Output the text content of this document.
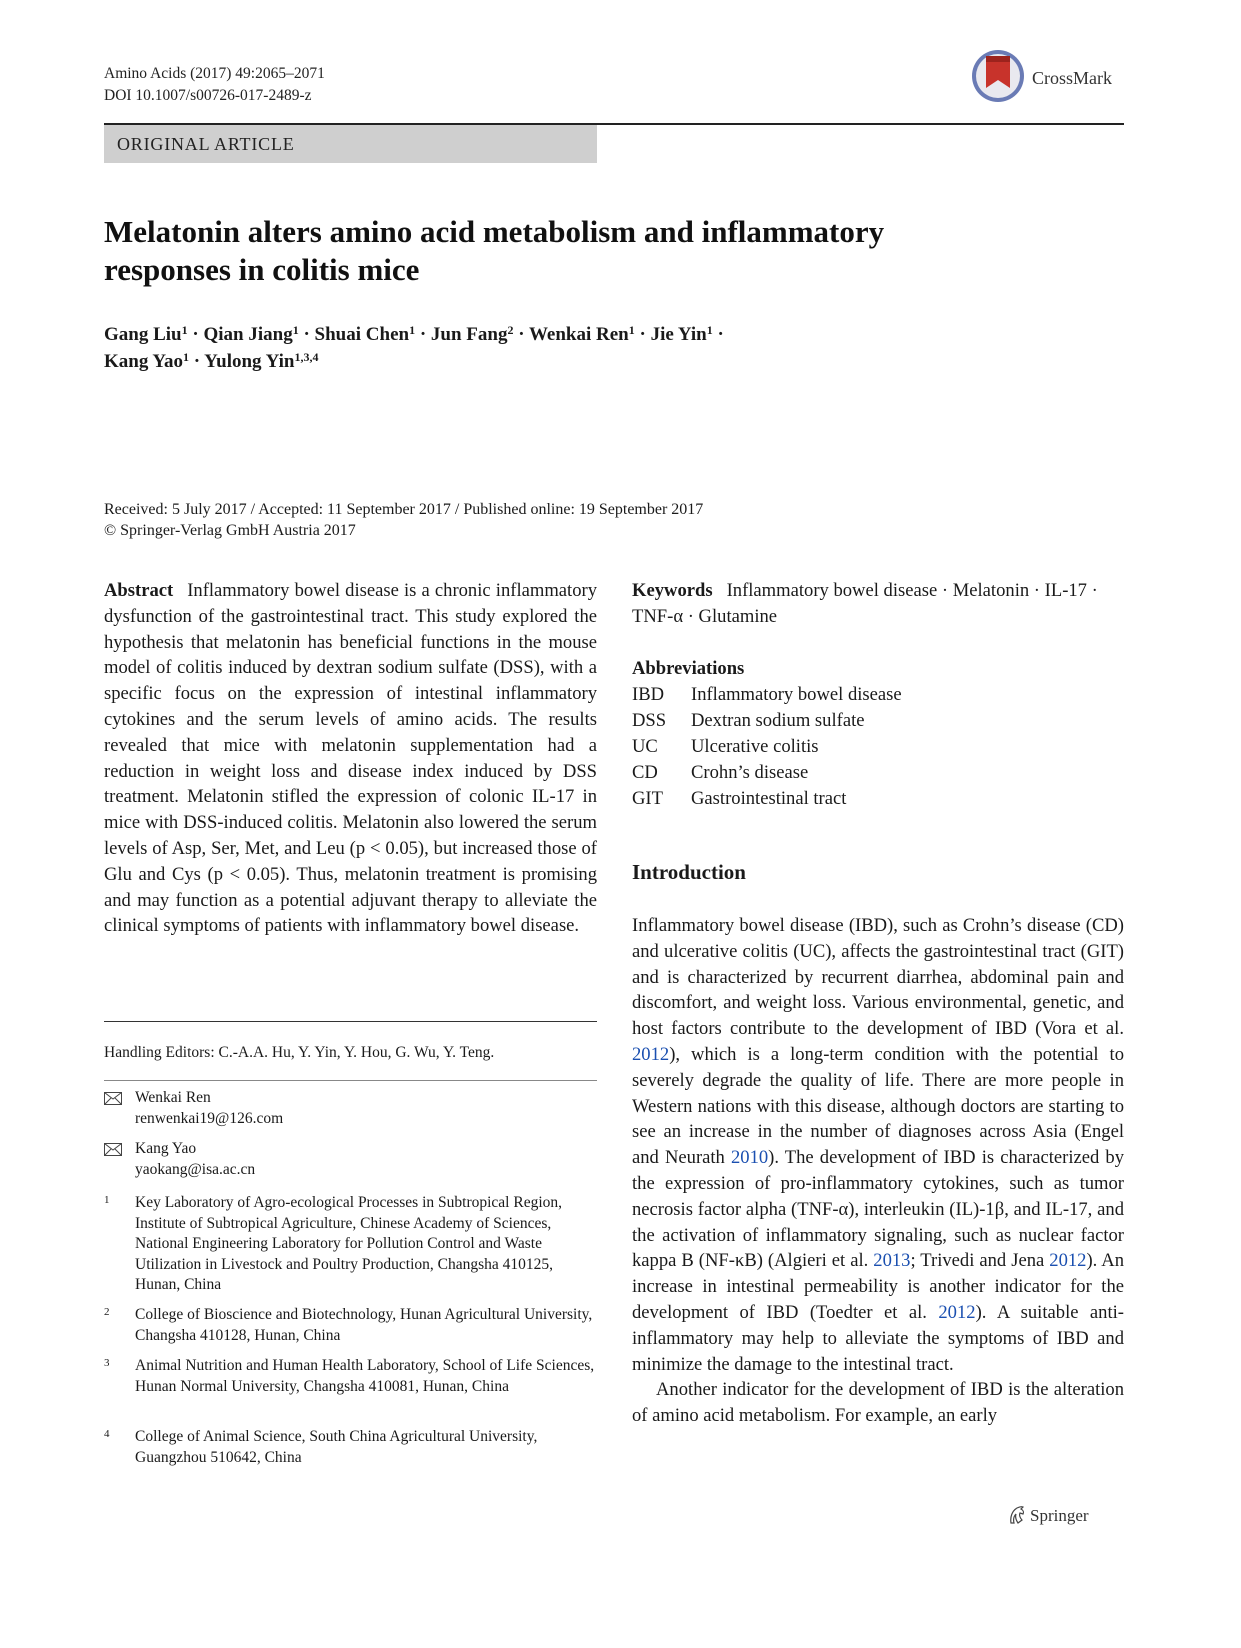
Amino Acids (2017) 49:2065–2071
DOI 10.1007/s00726-017-2489-z
CrossMark
ORIGINAL ARTICLE
Melatonin alters amino acid metabolism and inflammatory responses in colitis mice
Gang Liu$^1$ · Qian Jiang$^1$ · Shuai Chen$^1$ · Jun Fang$^2$ · Wenkai Ren$^1$ · Jie Yin$^1$ ·
Kang Yao$^1$ · Yulong Yin$^{1,3,4}$
Received: 5 July 2017 / Accepted: 11 September 2017 / Published online: 19 September 2017
© Springer-Verlag GmbH Austria 2017
Abstract Inflammatory bowel disease is a chronic inflammatory dysfunction of the gastrointestinal tract. This study explored the hypothesis that melatonin has beneficial functions in the mouse model of colitis induced by dextran sodium sulfate (DSS), with a specific focus on the expression of intestinal inflammatory cytokines and the serum levels of amino acids. The results revealed that mice with melatonin supplementation had a reduction in weight loss and disease index induced by DSS treatment. Melatonin stifled the expression of colonic IL-17 in mice with DSS-induced colitis. Melatonin also lowered the serum levels of Asp, Ser, Met, and Leu (p < 0.05), but increased those of Glu and Cys (p < 0.05). Thus, melatonin treatment is promising and may function as a potential adjuvant therapy to alleviate the clinical symptoms of patients with inflammatory bowel disease.
Handling Editors: C.-A.A. Hu, Y. Yin, Y. Hou, G. Wu, Y. Teng.
Wenkai Ren
renwenkai19@126.com
Kang Yao
yaokang@isa.ac.cn
1 Key Laboratory of Agro-ecological Processes in Subtropical Region, Institute of Subtropical Agriculture, Chinese Academy of Sciences, National Engineering Laboratory for Pollution Control and Waste Utilization in Livestock and Poultry Production, Changsha 410125, Hunan, China
2 College of Bioscience and Biotechnology, Hunan Agricultural University, Changsha 410128, Hunan, China
3 Animal Nutrition and Human Health Laboratory, School of Life Sciences, Hunan Normal University, Changsha 410081, Hunan, China
4 College of Animal Science, South China Agricultural University, Guangzhou 510642, China
Keywords Inflammatory bowel disease · Melatonin · IL-17 · TNF-α · Glutamine
Abbreviations
IBD Inflammatory bowel disease
DSS Dextran sodium sulfate
UC Ulcerative colitis
CD Crohn’s disease
GIT Gastrointestinal tract
Introduction

Inflammatory bowel disease (IBD), such as Crohn’s disease (CD) and ulcerative colitis (UC), affects the gastrointestinal tract (GIT) and is characterized by recurrent diarrhea, abdominal pain and discomfort, and weight loss. Various environmental, genetic, and host factors contribute to the development of IBD (Vora et al. 2012), which is a long-term condition with the potential to severely degrade the quality of life. There are more people in Western nations with this disease, although doctors are starting to see an increase in the number of diagnoses across Asia (Engel and Neurath 2010). The development of IBD is characterized by the expression of pro-inflammatory cytokines, such as tumor necrosis factor alpha (TNF-α), interleukin (IL)-1β, and IL-17, and the activation of inflammatory signaling, such as nuclear factor kappa B (NF-κB) (Algieri et al. 2013; Trivedi and Jena 2012). An increase in intestinal permeability is another indicator for the development of IBD (Toedter et al. 2012). A suitable anti-inflammatory may help to alleviate the symptoms of IBD and minimize the damage to the intestinal tract.

Another indicator for the development of IBD is the alteration of amino acid metabolism. For example, an early

Springer
